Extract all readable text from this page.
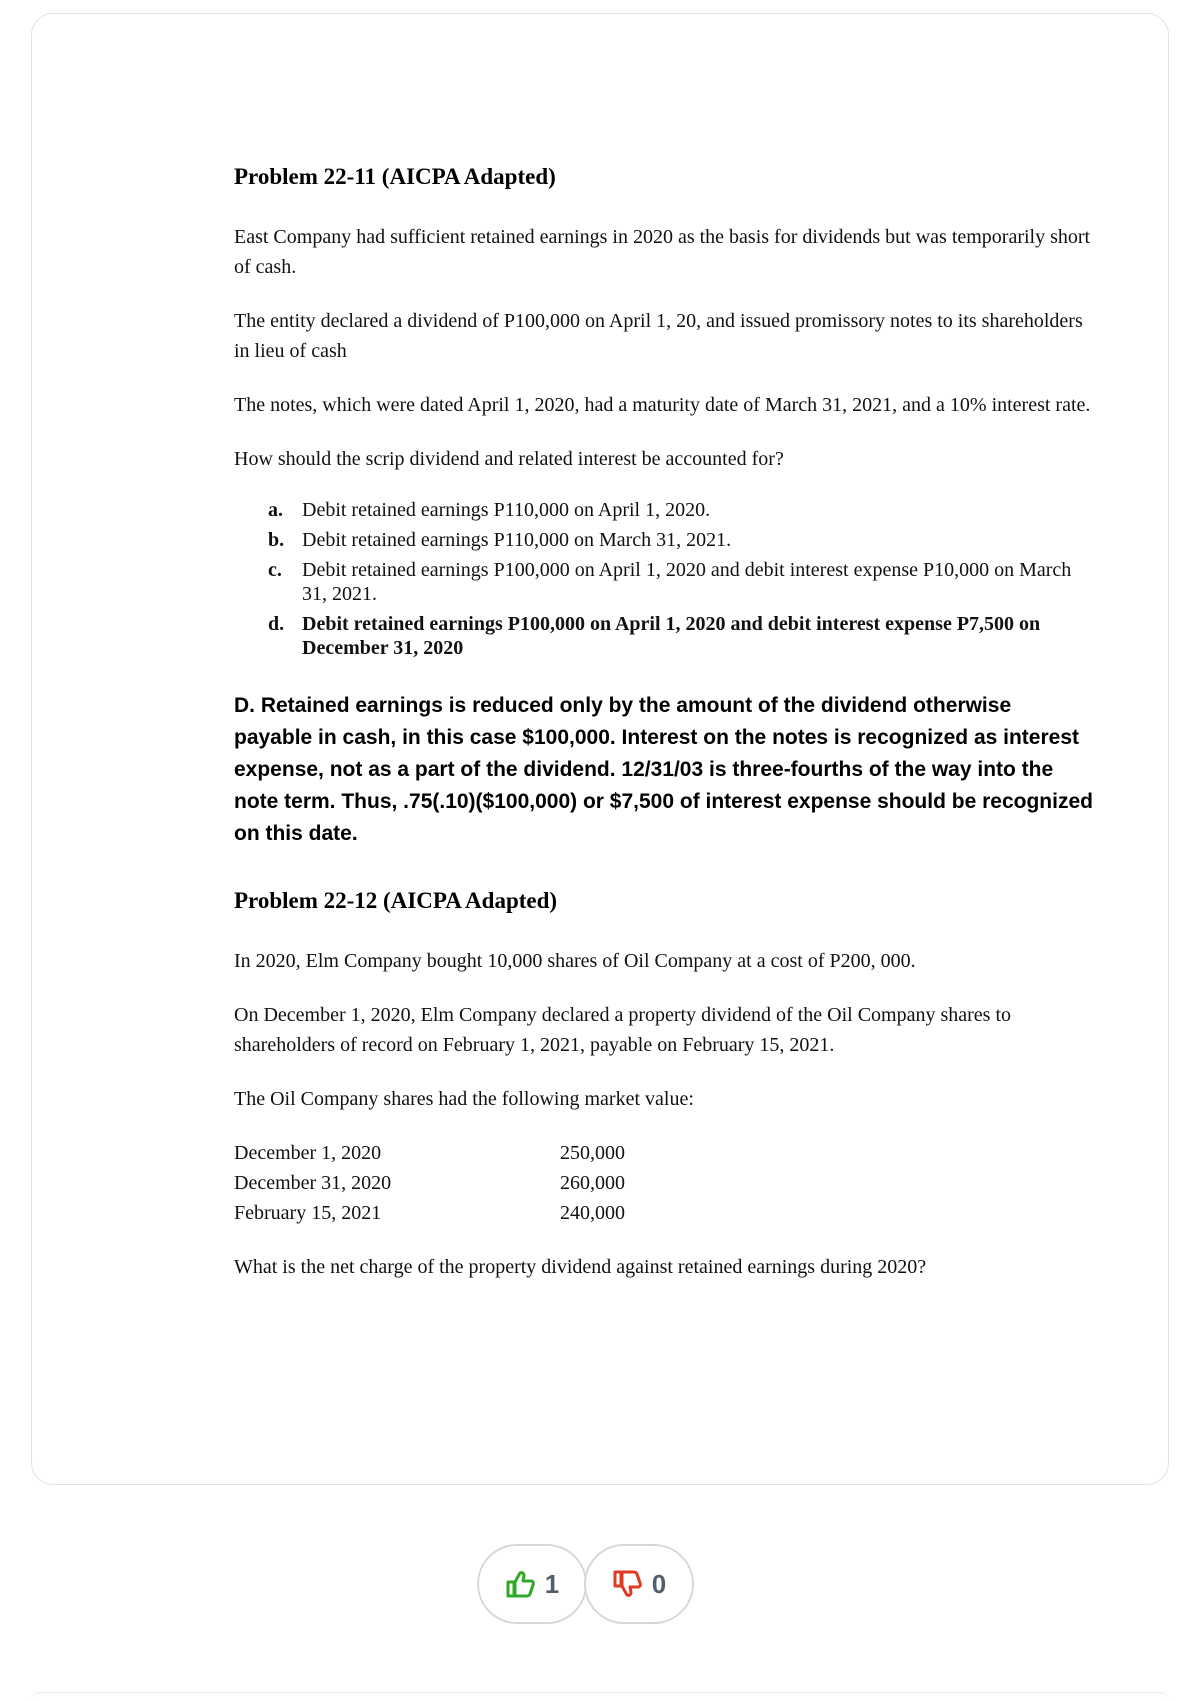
Problem 22-11 (AICPA Adapted)

East Company had sufficient retained earnings in 2020 as the basis for dividends but was temporarily short of cash.

The entity declared a dividend of P100,000 on April 1, 20, and issued promissory notes to its shareholders in lieu of cash

The notes, which were dated April 1, 2020, had a maturity date of March 31, 2021, and a 10% interest rate.

How should the scrip dividend and related interest be accounted for?

a. Debit retained earnings P110,000 on April 1, 2020.
b. Debit retained earnings P110,000 on March 31, 2021.
c.	Debit retained earnings P100,000 on April 1, 2020 and debit interest expense P10,000 on March 31, 2021.
d. Debit retained earnings P100,000 on April 1, 2020 and debit interest expense P7,500 on December 31, 2020

D. Retained earnings is reduced only by the amount of the dividend otherwise payable in cash, in this case $100,000. Interest on the notes is recognized as interest expense, not as a part of the dividend. 12/31/03 is three-fourths of the way into the note term. Thus, .75(.10)($100,000) or $7,500 of interest expense should be recognized on this date.

Problem 22-12 (AICPA Adapted)

In 2020, Elm Company bought 10,000 shares of Oil Company at a cost of P200, 000.

On December 1, 2020, Elm Company declared a property dividend of the Oil Company shares to shareholders of record on February 1, 2021, payable on February 15, 2021.

The Oil Company shares had the following market value:

December 1, 2020	250,000
December 31, 2020	260,000
February 15, 2021	240,000

What is the net charge of the property dividend against retained earnings during 2020?

1	0
